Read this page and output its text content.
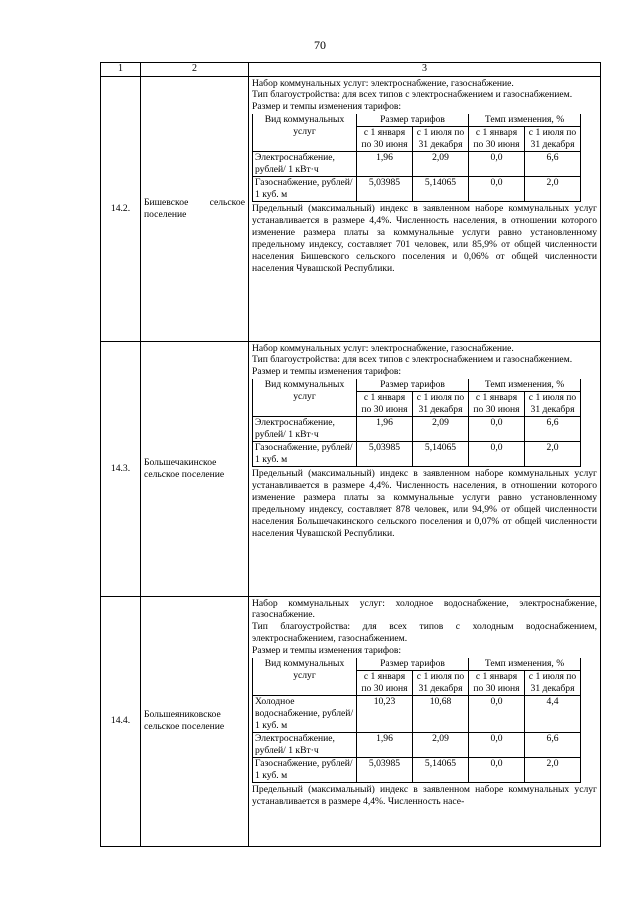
70
1	2	3
14.2.	Бишевское сельское поселение	

Набор коммунальных услуг: электроснабжение, газоснабжение.

Тип благоустройства: для всех типов с электроснабжением и газоснабжением.

Размер и темпы изменения тарифов:

Вид коммунальных услуг	Размер тарифов	Темп изменения, %
с 1 января по 30 июня	с 1 июля по 31 декабря	с 1 января по 30 июня	с 1 июля по 31 декабря
Электроснабжение, рублей/ 1 кВт·ч	1,96	2,09	0,0	6,6
Газоснабжение, рублей/ 1 куб. м	5,03985	5,14065	0,0	2,0

Предельный (максимальный) индекс в заявленном наборе коммунальных услуг устанавливается в размере 4,4%. Численность населения, в отношении которого изменение размера платы за коммунальные услуги равно установленному предельному индексу, составляет 701 человек, или 85,9% от общей численности населения Бишевского сельского поселения и 0,06% от общей численности населения Чувашской Республики.

14.3.	Большечакинское сельское поселение	

Набор коммунальных услуг: электроснабжение, газоснабжение.

Тип благоустройства: для всех типов с электроснабжением и газоснабжением.

Размер и темпы изменения тарифов:

Вид коммунальных услуг	Размер тарифов	Темп изменения, %
с 1 января по 30 июня	с 1 июля по 31 декабря	с 1 января по 30 июня	с 1 июля по 31 декабря
Электроснабжение, рублей/ 1 кВт·ч	1,96	2,09	0,0	6,6
Газоснабжение, рублей/ 1 куб. м	5,03985	5,14065	0,0	2,0

Предельный (максимальный) индекс в заявленном наборе коммунальных услуг устанавливается в размере 4,4%. Численность населения, в отношении которого изменение размера платы за коммунальные услуги равно установленному предельному индексу, составляет 878 человек, или 94,9% от общей численности населения Большечакинского сельского поселения и 0,07% от общей численности населения Чувашской Республики.

14.4.	Большеяниковское сельское поселение	

Набор коммунальных услуг: холодное водоснабжение, электроснабжение, газоснабжение.

Тип благоустройства: для всех типов с холодным водоснабжением, электроснабжением, газоснабжением.

Размер и темпы изменения тарифов:

Вид коммунальных услуг	Размер тарифов	Темп изменения, %
с 1 января по 30 июня	с 1 июля по 31 декабря	с 1 января по 30 июня	с 1 июля по 31 декабря
Холодное водоснабжение, рублей/ 1 куб. м	10,23	10,68	0,0	4,4
Электроснабжение, рублей/ 1 кВт·ч	1,96	2,09	0,0	6,6
Газоснабжение, рублей/ 1 куб. м	5,03985	5,14065	0,0	2,0

Предельный (максимальный) индекс в заявленном наборе коммунальных услуг устанавливается в размере 4,4%. Численность насе-
